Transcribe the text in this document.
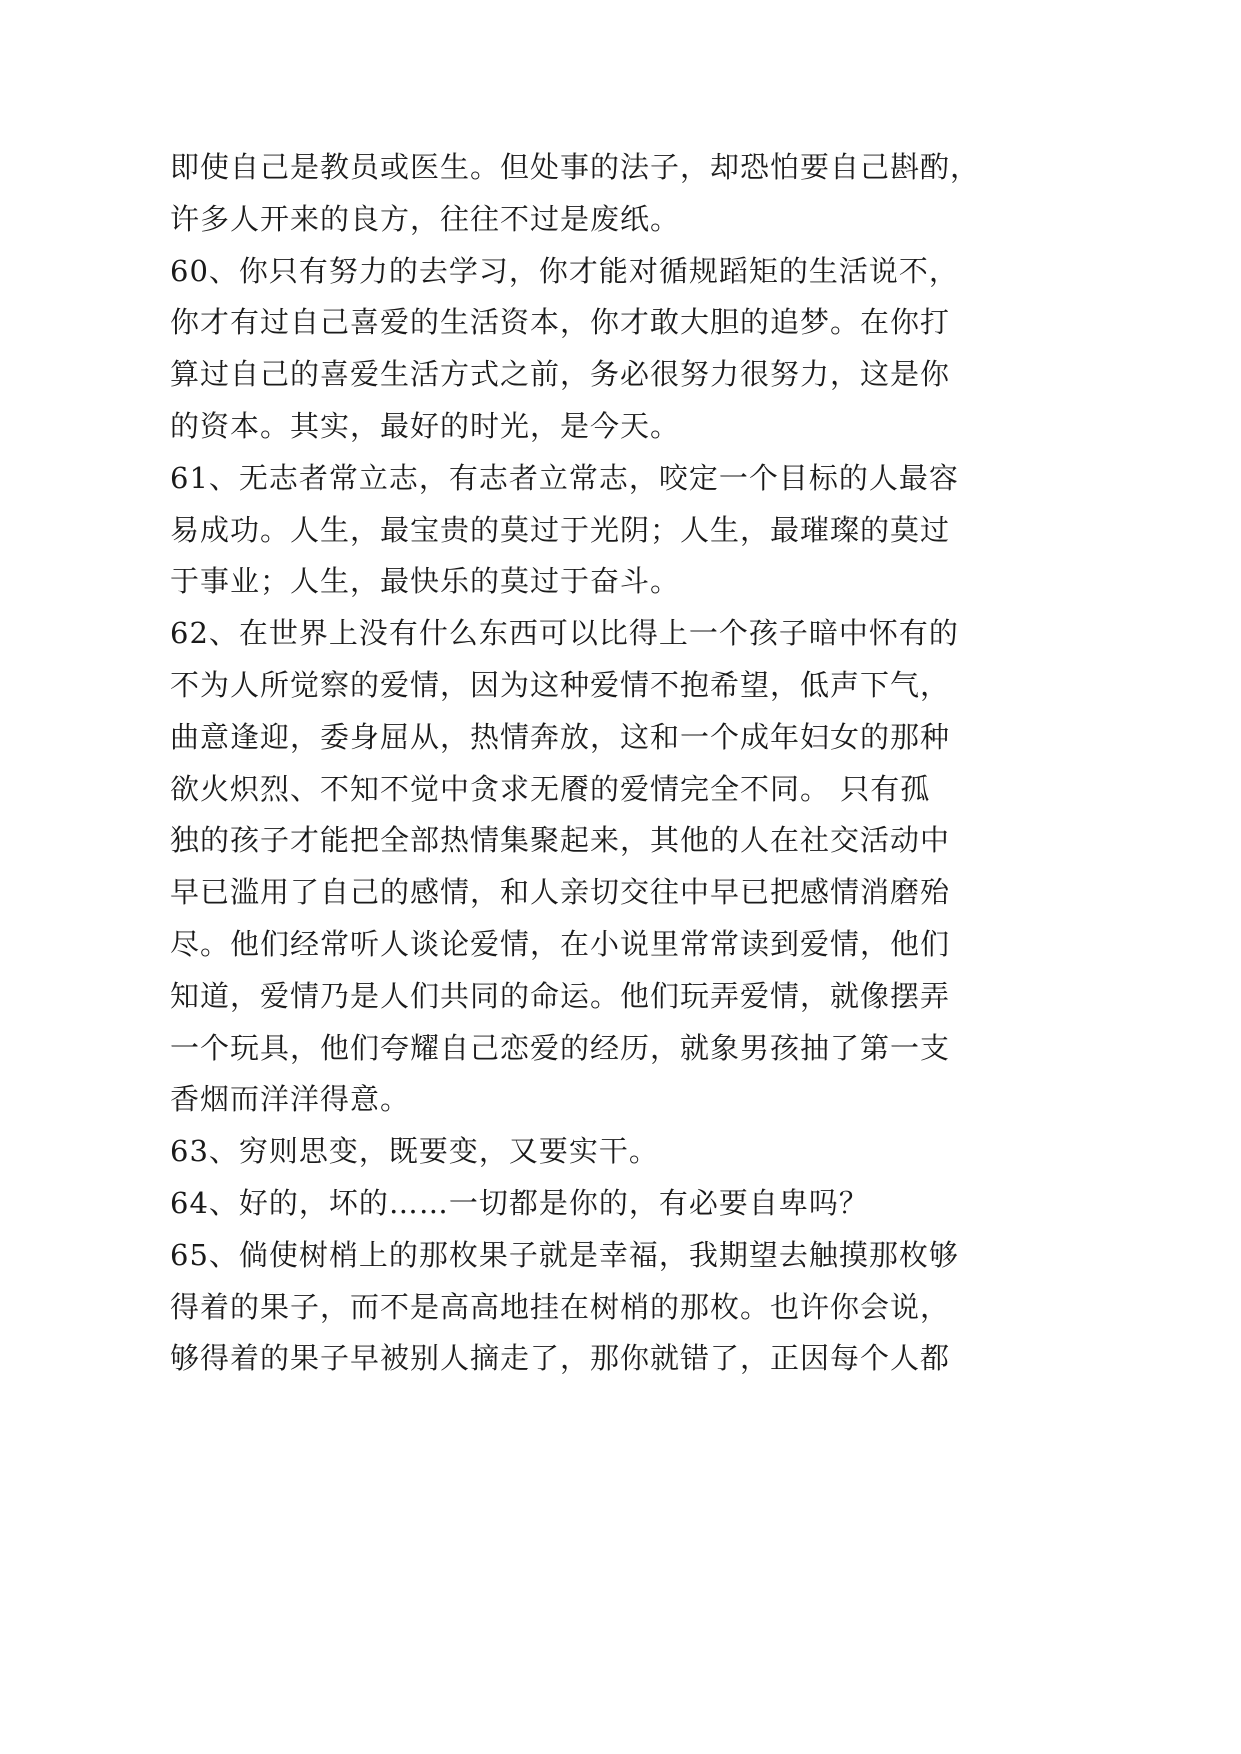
即使自己是教员或医生。但处事的法子，却恐怕要自己斟酌，
许多人开来的良方，往往不过是废纸。
60、你只有努力的去学习，你才能对循规蹈矩的生活说不，
你才有过自己喜爱的生活资本，你才敢大胆的追梦。在你打
算过自己的喜爱生活方式之前，务必很努力很努力，这是你
的资本。其实，最好的时光，是今天。
61、无志者常立志，有志者立常志，咬定一个目标的人最容
易成功。人生，最宝贵的莫过于光阴；人生，最璀璨的莫过
于事业；人生，最快乐的莫过于奋斗。
62、在世界上没有什么东西可以比得上一个孩子暗中怀有的
不为人所觉察的爱情，因为这种爱情不抱希望，低声下气，
曲意逢迎，委身屈从，热情奔放，这和一个成年妇女的那种
欲火炽烈、不知不觉中贪求无餍的爱情完全不同。 只有孤
独的孩子才能把全部热情集聚起来，其他的人在社交活动中
早已滥用了自己的感情，和人亲切交往中早已把感情消磨殆
尽。他们经常听人谈论爱情，在小说里常常读到爱情，他们
知道，爱情乃是人们共同的命运。他们玩弄爱情，就像摆弄
一个玩具，他们夸耀自己恋爱的经历，就象男孩抽了第一支
香烟而洋洋得意。
63、穷则思变，既要变，又要实干。
64、好的，坏的……一切都是你的，有必要自卑吗？
65、倘使树梢上的那枚果子就是幸福，我期望去触摸那枚够
得着的果子，而不是高高地挂在树梢的那枚。也许你会说，
够得着的果子早被别人摘走了，那你就错了，正因每个人都
